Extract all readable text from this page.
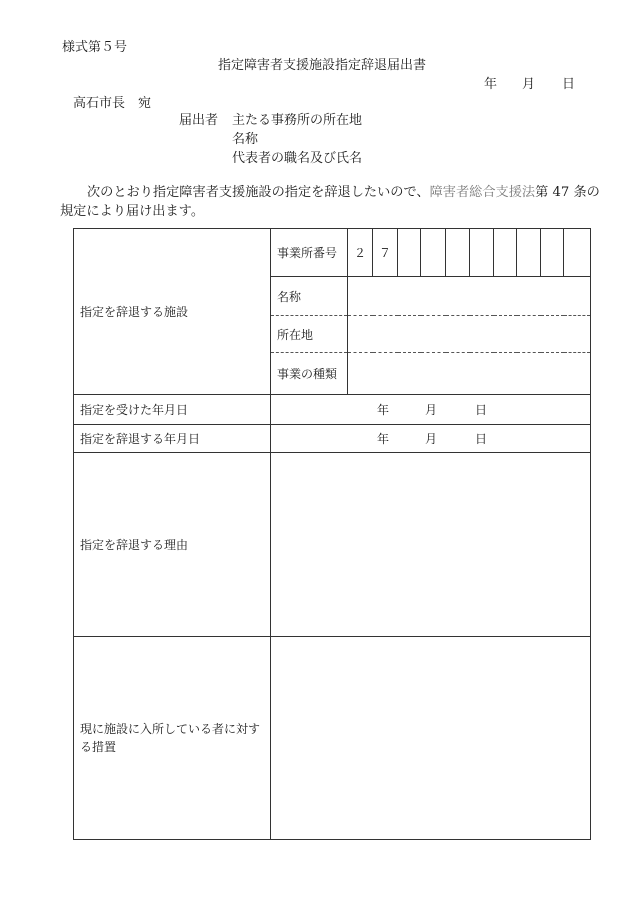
様式第５号
指定障害者支援施設指定辞退届出書
年 月 日
高石市長　宛
届出者 主たる事務所の所在地
名称
代表者の職名及び氏名
次のとおり指定障害者支援施設の指定を辞退したいので、障害者総合支援法第 47 条の
規定により届け出ます。
指定を辞退する施設	事業所番号	２	７								
	名称										
	所在地										
	事業の種類										
指定を受けた年月日	年 月 日										

指定を辞退する年月日	年 月 日										

指定を辞退する理由											
現に施設に入所している者に対する措置											
